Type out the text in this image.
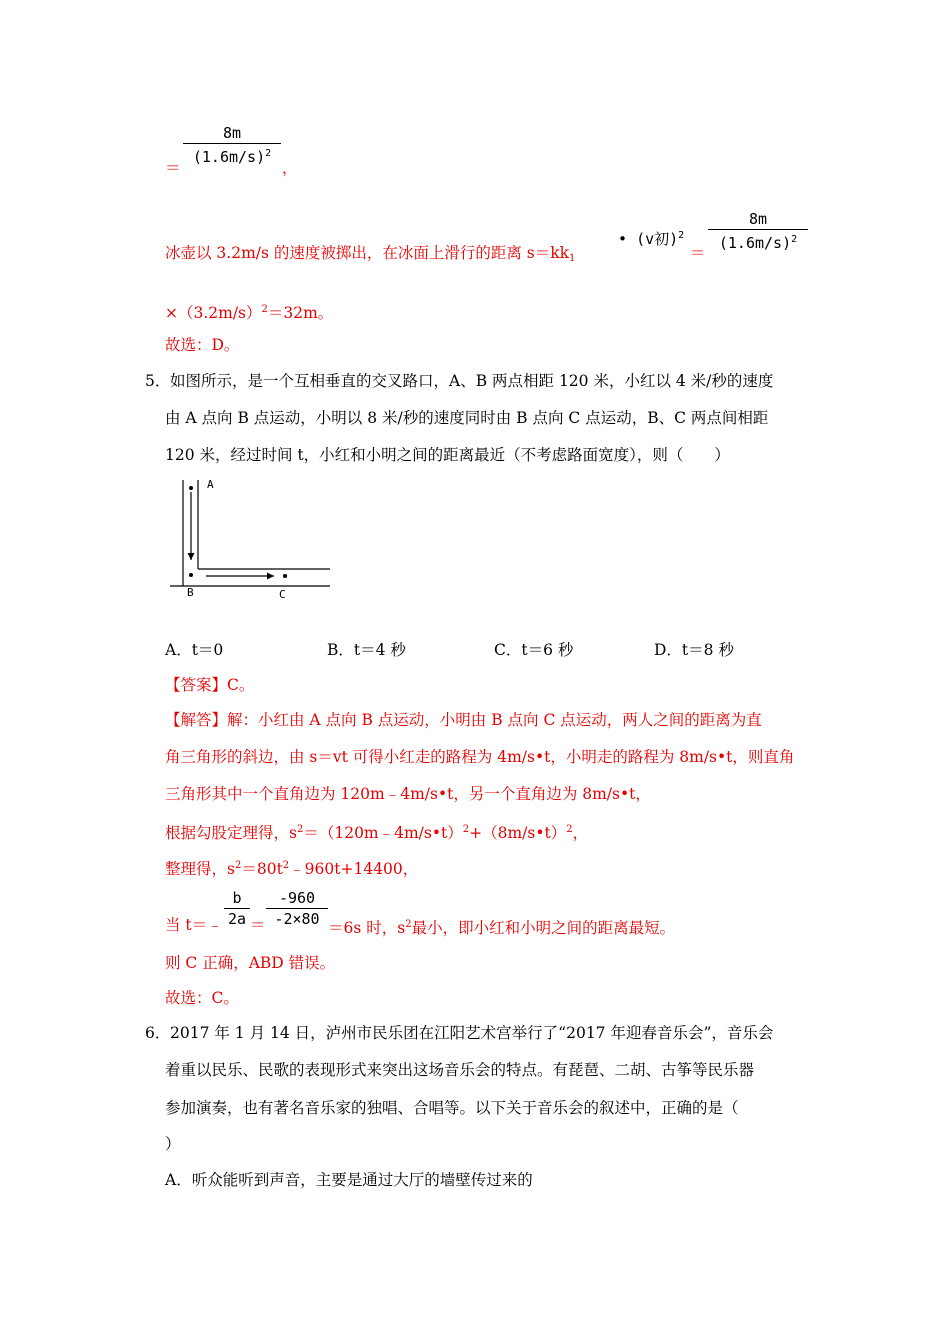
8m
$(1.6m/s)^2$
＝	，
冰壶以 3.2m/s 的速度被掷出，在冰面上滑行的距离 $s=kk_1$
• (v初)$^2$
＝
8m
$(1.6m/s)^2$
$\times(3.2m/s)^2=32m$。
故选：D。
5． 如图所示，是一个互相垂直的交叉路口，A、B 两点相距 120 米，小红以 4 米/秒的速度
由 A 点向 B 点运动，小明以 8 米/秒的速度同时由 B 点向 C 点运动，B、C 两点间相距
120 米，经过时间 t，小红和小明之间的距离最近（不考虑路面宽度），则（　　）
A
B	C
A．t＝0	B．t＝4 秒	C．t＝6 秒	D．t＝8 秒
【答案】C。
【解答】解：小红由 A 点向 B 点运动，小明由 B 点向 C 点运动，两人之间的距离为直
角三角形的斜边，由 s＝vt 可得小红走的路程为 4m/s•t，小明走的路程为 8m/s•t，则直角
三角形其中一个直角边为 120m﹣4m/s•t，另一个直角边为 8m/s•t，
根据勾股定理得，$s^2=(120m﹣4m/s•t)^2+(8m/s•t)^2$，
整理得，$s^2=80t^2﹣960t+14400$，
当 t＝﹣
b
2a ＝
-960
-2×80 ＝6s 时，$s^2$最小，即小红和小明之间的距离最短。
则 C 正确，ABD 错误。
故选：C。
6． 2017 年 1 月 14 日，泸州市民乐团在江阳艺术宫举行了“2017 年迎春音乐会”，音乐会
着重以民乐、民歌的表现形式来突出这场音乐会的特点。有琵琶、二胡、古筝等民乐器
参加演奏，也有著名音乐家的独唱、合唱等。以下关于音乐会的叙述中，正确的是（
）
A．听众能听到声音，主要是通过大厅的墙壁传过来的
